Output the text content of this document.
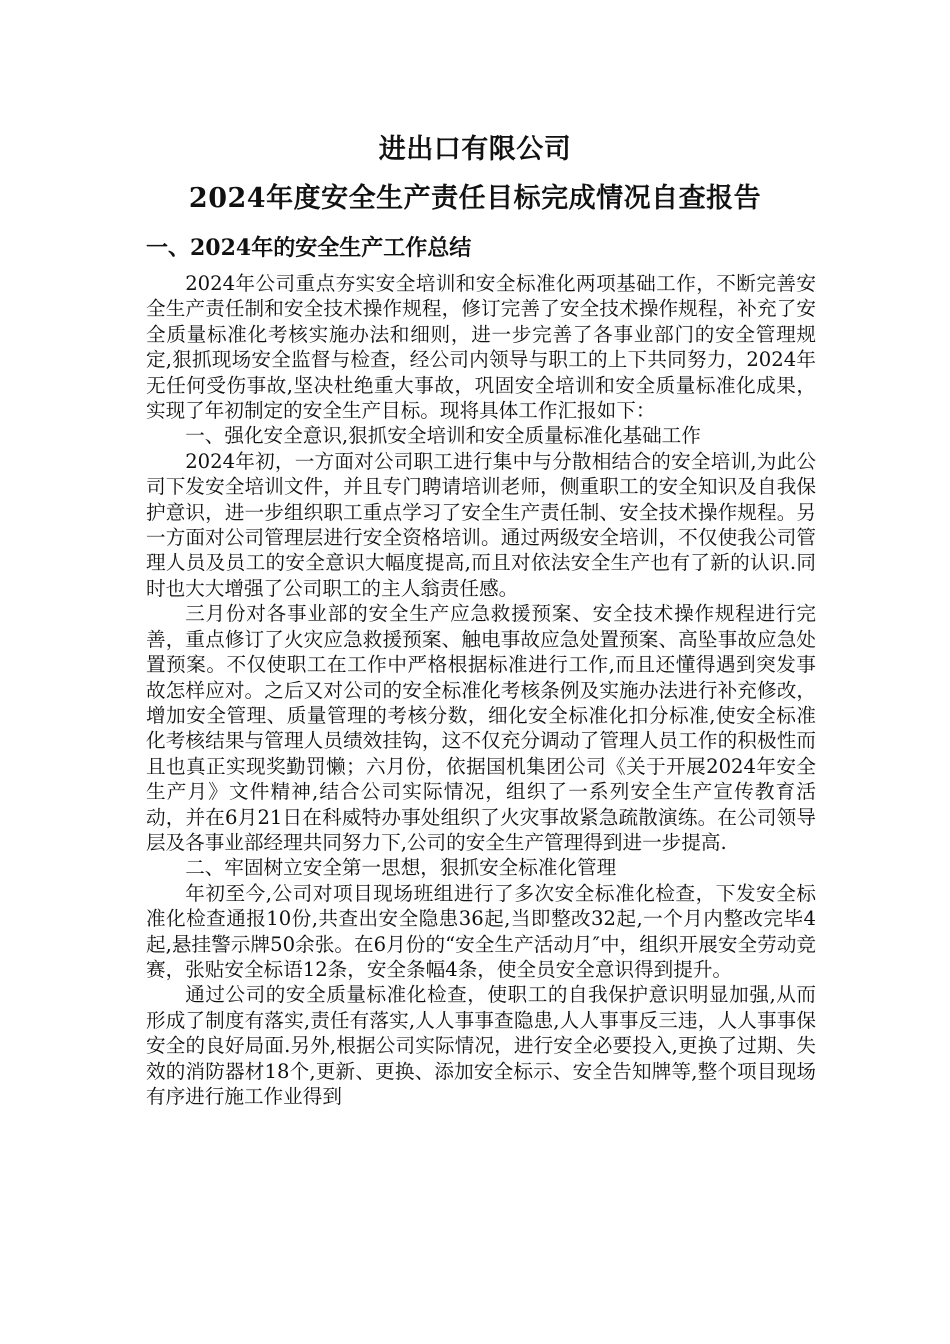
进出口有限公司
2024年度安全生产责任目标完成情况自查报告
一、2024年的安全生产工作总结

2024年公司重点夯实安全培训和安全标准化两项基础工作，不断完善安全生产责任制和安全技术操作规程，修订完善了安全技术操作规程，补充了安全质量标准化考核实施办法和细则，进一步完善了各事业部门的安全管理规定,狠抓现场安全监督与检查，经公司内领导与职工的上下共同努力，2024年无任何受伤事故,坚决杜绝重大事故，巩固安全培训和安全质量标准化成果，实现了年初制定的安全生产目标。现将具体工作汇报如下：

一、强化安全意识,狠抓安全培训和安全质量标准化基础工作

2024年初，一方面对公司职工进行集中与分散相结合的安全培训,为此公司下发安全培训文件，并且专门聘请培训老师，侧重职工的安全知识及自我保护意识，进一步组织职工重点学习了安全生产责任制、安全技术操作规程。另一方面对公司管理层进行安全资格培训。通过两级安全培训，不仅使我公司管理人员及员工的安全意识大幅度提高,而且对依法安全生产也有了新的认识.同时也大大增强了公司职工的主人翁责任感。

三月份对各事业部的安全生产应急救援预案、安全技术操作规程进行完善，重点修订了火灾应急救援预案、触电事故应急处置预案、高坠事故应急处置预案。不仅使职工在工作中严格根据标准进行工作,而且还懂得遇到突发事故怎样应对。之后又对公司的安全标准化考核条例及实施办法进行补充修改，增加安全管理、质量管理的考核分数，细化安全标准化扣分标准,使安全标准化考核结果与管理人员绩效挂钩，这不仅充分调动了管理人员工作的积极性而且也真正实现奖勤罚懒；六月份，依据国机集团公司《关于开展2024年安全生产月》文件精神,结合公司实际情况，组织了一系列安全生产宣传教育活动，并在6月21日在科威特办事处组织了火灾事故紧急疏散演练。在公司领导层及各事业部经理共同努力下,公司的安全生产管理得到进一步提高.

二、牢固树立安全第一思想，狠抓安全标准化管理

年初至今,公司对项目现场班组进行了多次安全标准化检查，下发安全标准化检查通报10份,共查出安全隐患36起,当即整改32起,一个月内整改完毕4起,悬挂警示牌50余张。在6月份的“安全生产活动月″中，组织开展安全劳动竞赛，张贴安全标语12条，安全条幅4条，使全员安全意识得到提升。

通过公司的安全质量标准化检查，使职工的自我保护意识明显加强,从而形成了制度有落实,责任有落实,人人事事查隐患,人人事事反三违，人人事事保安全的良好局面.另外,根据公司实际情况，进行安全必要投入,更换了过期、失效的消防器材18个,更新、更换、添加安全标示、安全告知牌等,整个项目现场有序进行施工作业得到
